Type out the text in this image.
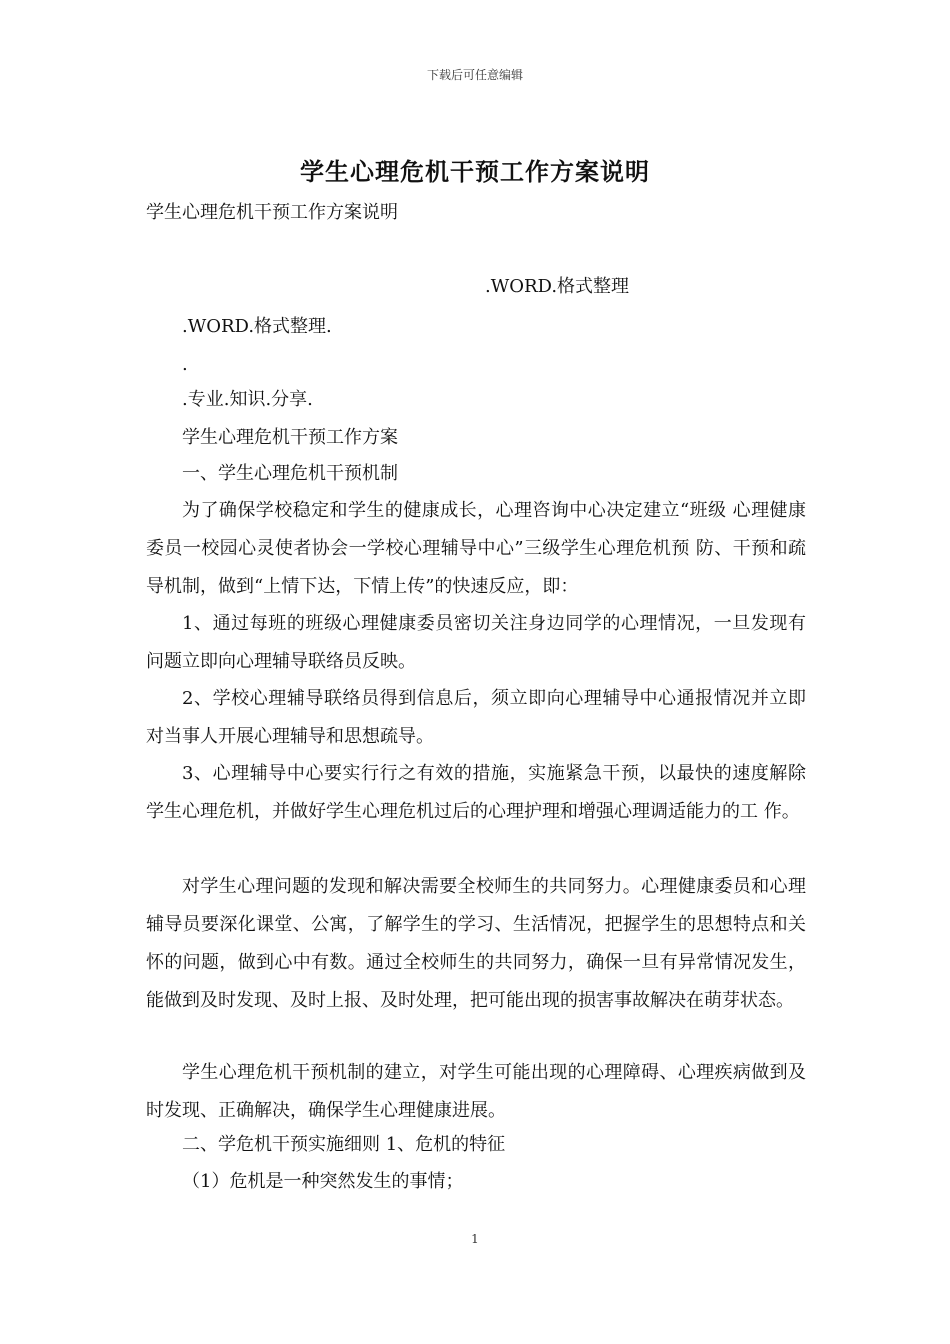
下载后可任意编辑
学生心理危机干预工作方案说明
学生心理危机干预工作方案说明
.WORD.格式整理
.WORD.格式整理.
.
.专业.知识.分享.
学生心理危机干预工作方案
一、学生心理危机干预机制

为了确保学校稳定和学生的健康成长，心理咨询中心决定建立“班级 心理健康委员一校园心灵使者协会一学校心理辅导中心”三级学生心理危机预 防、干预和疏导机制，做到“上情下达，下情上传”的快速反应，即：

1、通过每班的班级心理健康委员密切关注身边同学的心理情况，一旦发现有 问题立即向心理辅导联络员反映。

2、学校心理辅导联络员得到信息后，须立即向心理辅导中心通报情况并立即 对当事人开展心理辅导和思想疏导。

3、心理辅导中心要实行行之有效的措施，实施紧急干预，以最快的速度解除 学生心理危机，并做好学生心理危机过后的心理护理和增强心理调适能力的工 作。

对学生心理问题的发现和解决需要全校师生的共同努力。心理健康委员和心理辅导员要深化课堂、公寓，了解学生的学习、生活情况，把握学生的思想特点和关怀的问题，做到心中有数。通过全校师生的共同努力，确保一旦有异常情况发生，能做到及时发现、及时上报、及时处理，把可能出现的损害事故解决在萌芽状态。

学生心理危机干预机制的建立，对学生可能出现的心理障碍、心理疾病做到及时发现、正确解决，确保学生心理健康进展。

二、学危机干预实施细则 1、危机的特征
（1）危机是一种突然发生的事情；
1
